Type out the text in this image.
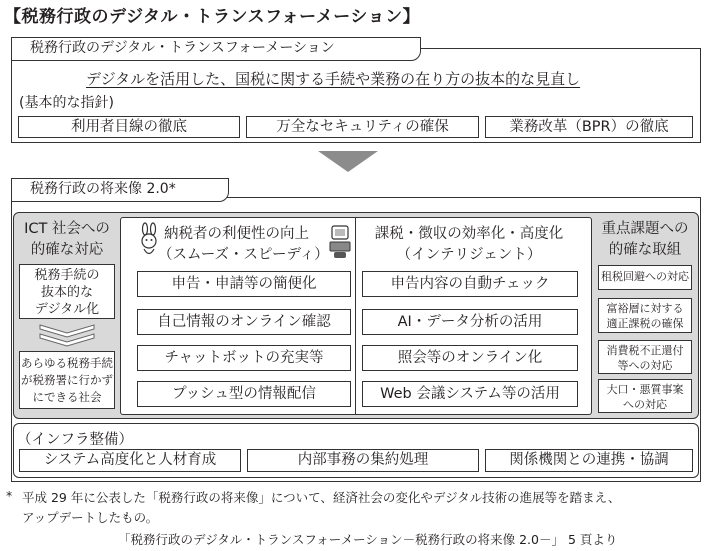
【税務行政のデジタル・トランスフォーメーション】
税務行政のデジタル・トランスフォーメーション
デジタルを活用した、国税に関する手続や業務の在り方の抜本的な見直し
(基本的な指針)
利用者目線の徹底	万全なセキュリティの確保	業務改革（BPR）の徹底
税務行政の将来像 2.0*
ICT 社会への
的確な対応
税務手続の
抜本的な
デジタル化
あらゆる税務手続
が税務署に行かず
にできる社会
納税者の利便性の向上
（スムーズ・スピーディ）
申告・申請等の簡便化
自己情報のオンライン確認
チャットボットの充実等
プッシュ型の情報配信
課税・徴収の効率化・高度化
（インテリジェント）
申告内容の自動チェック
AI・データ分析の活用
照会等のオンライン化
Web 会議システム等の活用
重点課題への
的確な取組
租税回避への対応
富裕層に対する
適正課税の確保
消費税不正還付
等への対応
大口・悪質事案
への対応
（インフラ整備）
システム高度化と人材育成	内部事務の集約処理	関係機関との連携・協調
* 平成 29 年に公表した「税務行政の将来像」について、経済社会の変化やデジタル技術の進展等を踏まえ、
アップデートしたもの。
「税務行政のデジタル・トランスフォーメーション－税務行政の将来像 2.0－」 5 頁より
